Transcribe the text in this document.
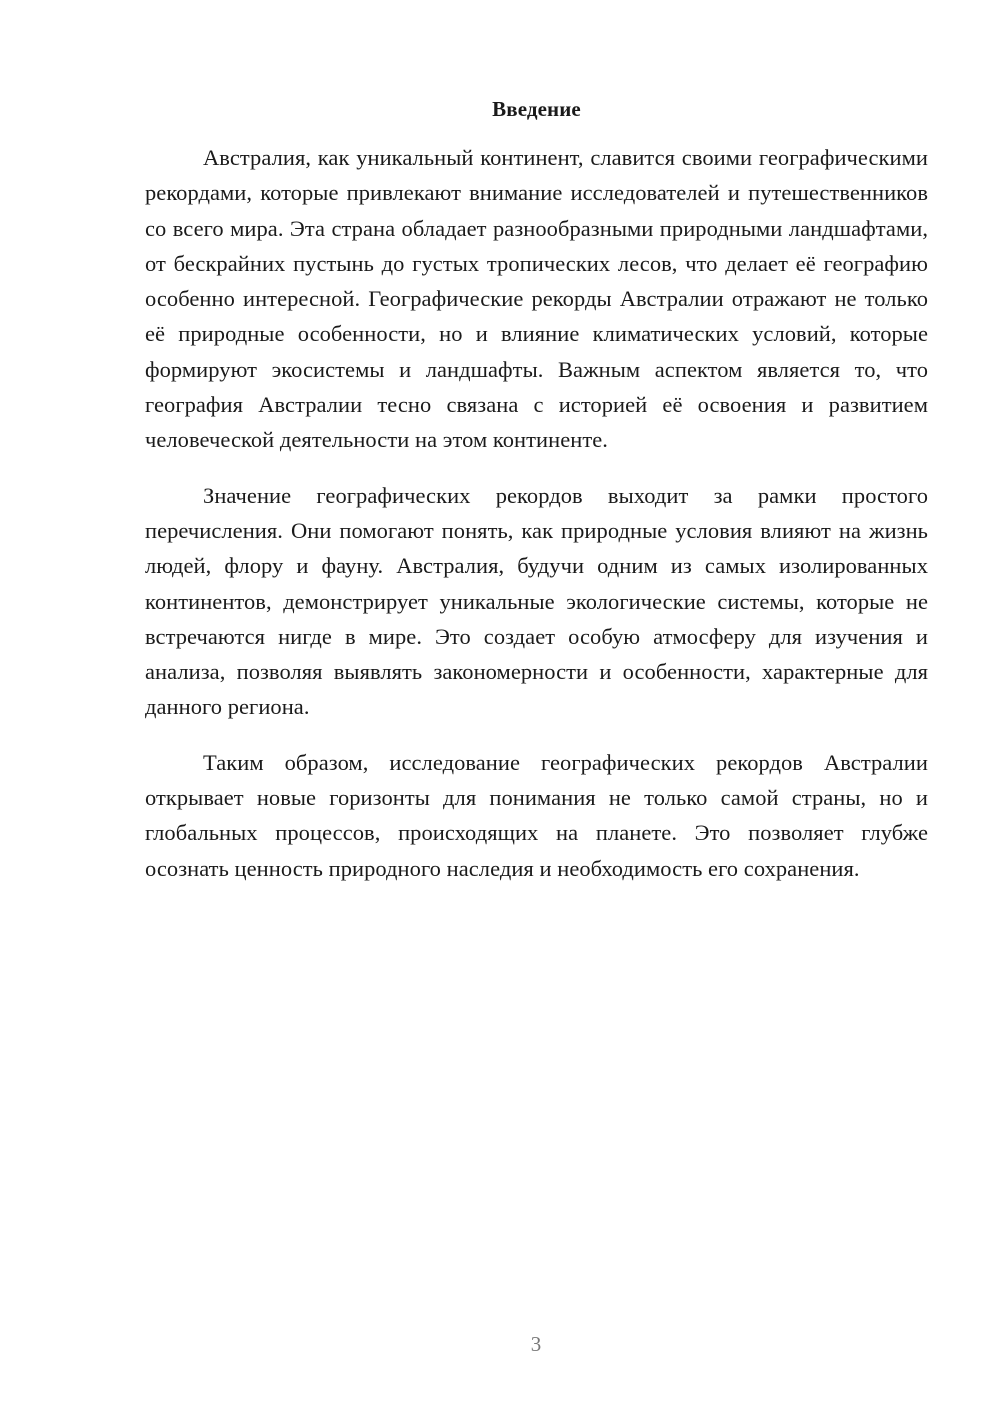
Введение

Австралия, как уникальный континент, славится своими географическими рекордами, которые привлекают внимание исследователей и путешественников со всего мира. Эта страна обладает разнообразными природными ландшафтами, от бескрайних пустынь до густых тропических лесов, что делает её географию особенно интересной. Географические рекорды Австралии отражают не только её природные особенности, но и влияние климатических условий, которые формируют экосистемы и ландшафты. Важным аспектом является то, что география Австралии тесно связана с историей её освоения и развитием человеческой деятельности на этом континенте.

Значение географических рекордов выходит за рамки простого перечисления. Они помогают понять, как природные условия влияют на жизнь людей, флору и фауну. Австралия, будучи одним из самых изолированных континентов, демонстрирует уникальные экологические системы, которые не встречаются нигде в мире. Это создает особую атмосферу для изучения и анализа, позволяя выявлять закономерности и особенности, характерные для данного региона.

Таким образом, исследование географических рекордов Австралии открывает новые горизонты для понимания не только самой страны, но и глобальных процессов, происходящих на планете. Это позволяет глубже осознать ценность природного наследия и необходимость его сохранения.

3
